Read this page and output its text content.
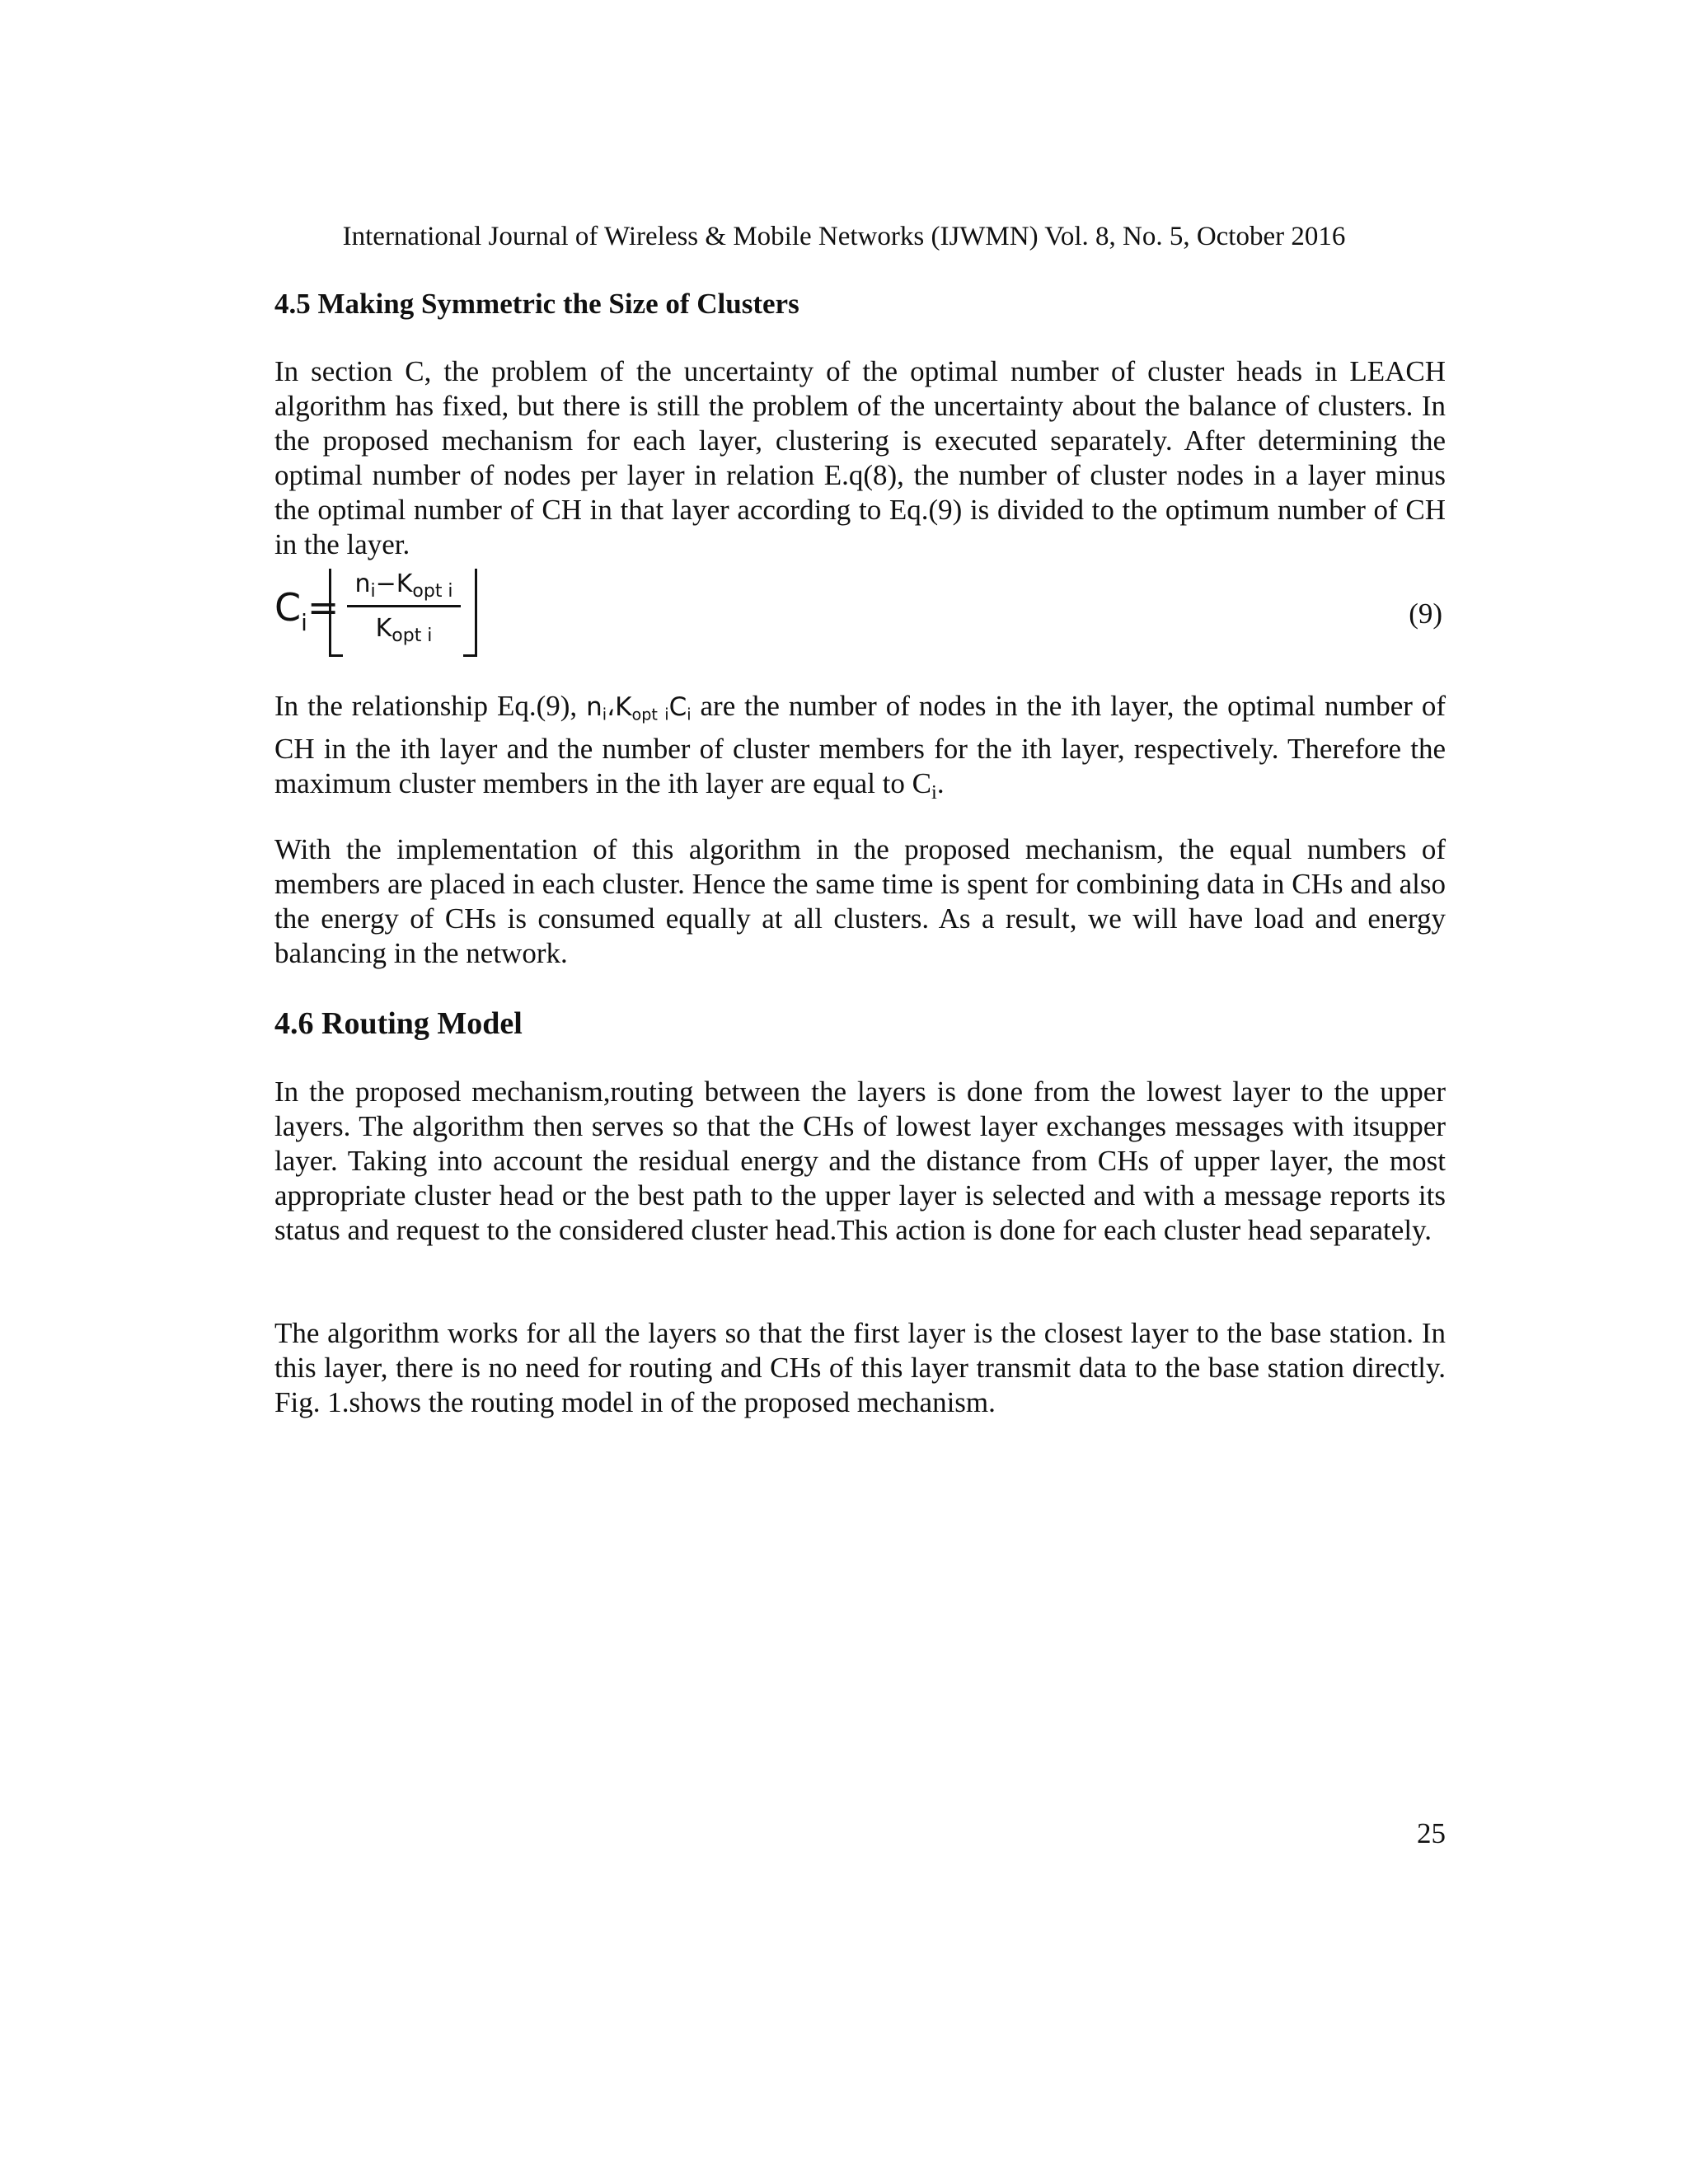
International Journal of Wireless & Mobile Networks (IJWMN) Vol. 8, No. 5, October 2016
4.5 Making Symmetric the Size of Clusters

In section C, the problem of the uncertainty of the optimal number of cluster heads in LEACH algorithm has fixed, but there is still the problem of the uncertainty about the balance of clusters. In the proposed mechanism for each layer, clustering is executed separately. After determining the optimal number of nodes per layer in relation E.q(8), the number of cluster nodes in a layer minus the optimal number of CH in that layer according to Eq.(9) is divided to the optimum number of CH in the layer.

$C_i=$
$n_i-K_{opt i}$
$K_{opt i}$
(9)

In the relationship Eq.(9), ni،Kopt iCi are the number of nodes in the ith layer, the optimal number of CH in the ith layer and the number of cluster members for the ith layer, respectively. Therefore the maximum cluster members in the ith layer are equal to $C_i$.

With the implementation of this algorithm in the proposed mechanism, the equal numbers of members are placed in each cluster. Hence the same time is spent for combining data in CHs and also the energy of CHs is consumed equally at all clusters. As a result, we will have load and energy balancing in the network.

4.6 Routing Model

In the proposed mechanism,routing between the layers is done from the lowest layer to the upper layers. The algorithm then serves so that the CHs of lowest layer exchanges messages with itsupper layer. Taking into account the residual energy and the distance from CHs of upper layer, the most appropriate cluster head or the best path to the upper layer is selected and with a message reports its status and request to the considered cluster head.This action is done for each cluster head separately.

The algorithm works for all the layers so that the first layer is the closest layer to the base station. In this layer, there is no need for routing and CHs of this layer transmit data to the base station directly. Fig. 1.shows the routing model in of the proposed mechanism.

25
